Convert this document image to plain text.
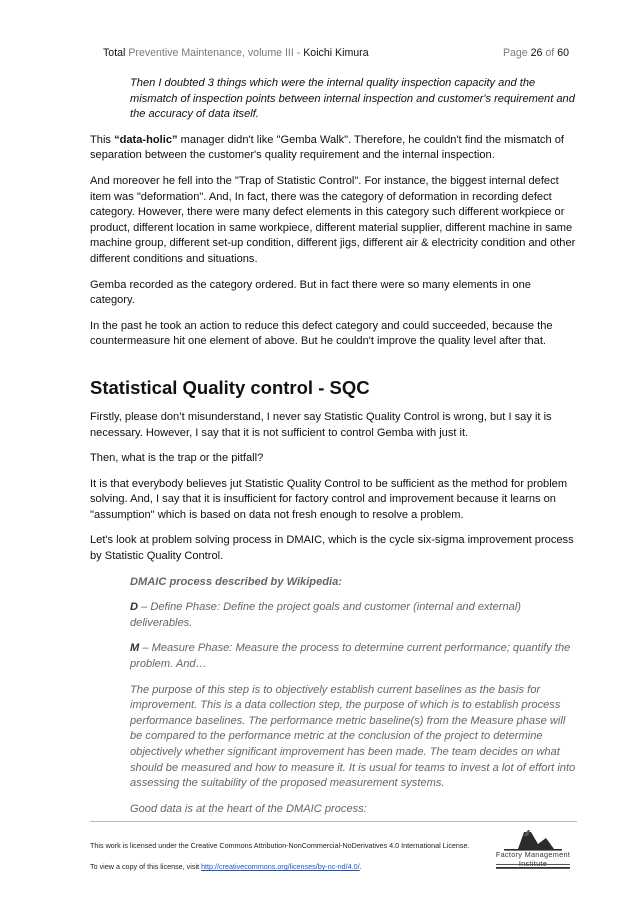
Total Preventive Maintenance, volume III - Koichi Kimura	Page 26 of 60

Then I doubted 3 things which were the internal quality inspection capacity and the mismatch of inspection points between internal inspection and customer's requirement and the accuracy of data itself.

This “data-holic” manager didn't like "Gemba Walk". Therefore, he couldn't find the mismatch of separation between the customer's quality requirement and the internal inspection.

And moreover he fell into the "Trap of Statistic Control". For instance, the biggest internal defect item was "deformation". And, In fact, there was the category of deformation in recording defect category. However, there were many defect elements in this category such different workpiece or product, different location in same workpiece, different material supplier, different machine in same machine group, different set-up condition, different jigs, different air & electricity condition and other different conditions and situations.

Gemba recorded as the category ordered. But in fact there were so many elements in one category.

In the past he took an action to reduce this defect category and could succeeded, because the countermeasure hit one element of above. But he couldn't improve the quality level after that.

Statistical Quality control - SQC

Firstly, please don’t misunderstand, I never say Statistic Quality Control is wrong, but I say it is necessary. However, I say that it is not sufficient to control Gemba with just it.

Then, what is the trap or the pitfall?

It is that everybody believes jut Statistic Quality Control to be sufficient as the method for problem solving. And, I say that it is insufficient for factory control and improvement because it learns on "assumption" which is based on data not fresh enough to resolve a problem.

Let's look at problem solving process in DMAIC, which is the cycle six-sigma improvement process by Statistic Quality Control.

DMAIC process described by Wikipedia:

D – Define Phase: Define the project goals and customer (internal and external) deliverables.

M – Measure Phase: Measure the process to determine current performance; quantify the problem. And…

The purpose of this step is to objectively establish current baselines as the basis for improvement. This is a data collection step, the purpose of which is to establish process performance baselines. The performance metric baseline(s) from the Measure phase will be compared to the performance metric at the conclusion of the project to determine objectively whether significant improvement has been made. The team decides on what should be measured and how to measure it. It is usual for teams to invest a lot of effort into assessing the suitability of the proposed measurement systems.

Good data is at the heart of the DMAIC process:

This work is licensed under the Creative Commons Attribution-NonCommercial-NoDerivatives 4.0 International License.
To view a copy of this license, visit http://creativecommons.org/licenses/by-nc-nd/4.0/.
Factory Management Institute
